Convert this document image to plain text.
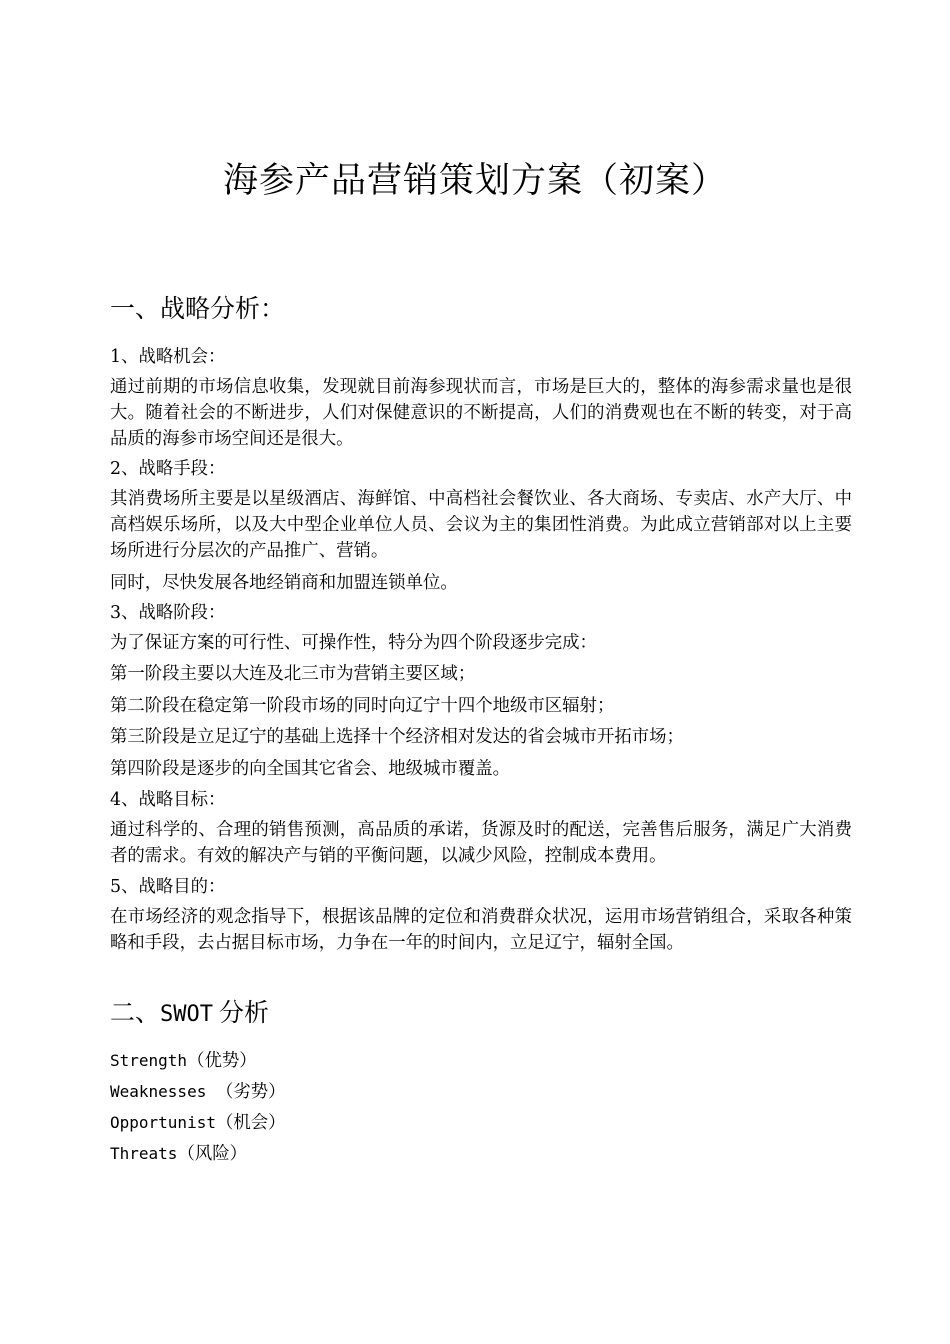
海参产品营销策划方案（初案）
一、战略分析：
1、战略机会：
通过前期的市场信息收集，发现就目前海参现状而言，市场是巨大的，整体的海参需求量也是很大。随着社会的不断进步，人们对保健意识的不断提高，人们的消费观也在不断的转变，对于高品质的海参市场空间还是很大。
2、战略手段：
其消费场所主要是以星级酒店、海鲜馆、中高档社会餐饮业、各大商场、专卖店、水产大厅、中高档娱乐场所，以及大中型企业单位人员、会议为主的集团性消费。为此成立营销部对以上主要场所进行分层次的产品推广、营销。
同时，尽快发展各地经销商和加盟连锁单位。
3、战略阶段：
为了保证方案的可行性、可操作性，特分为四个阶段逐步完成：
第一阶段主要以大连及北三市为营销主要区域；
第二阶段在稳定第一阶段市场的同时向辽宁十四个地级市区辐射；
第三阶段是立足辽宁的基础上选择十个经济相对发达的省会城市开拓市场；
第四阶段是逐步的向全国其它省会、地级城市覆盖。
4、战略目标：
通过科学的、合理的销售预测，高品质的承诺，货源及时的配送，完善售后服务，满足广大消费者的需求。有效的解决产与销的平衡问题，以减少风险，控制成本费用。
5、战略目的：
在市场经济的观念指导下，根据该品牌的定位和消费群众状况，运用市场营销组合，采取各种策略和手段，去占据目标市场，力争在一年的时间内，立足辽宁，辐射全国。
二、SWOT 分析
Strength（优势）
Weaknesses （劣势）
Opportunist（机会）
Threats（风险）
